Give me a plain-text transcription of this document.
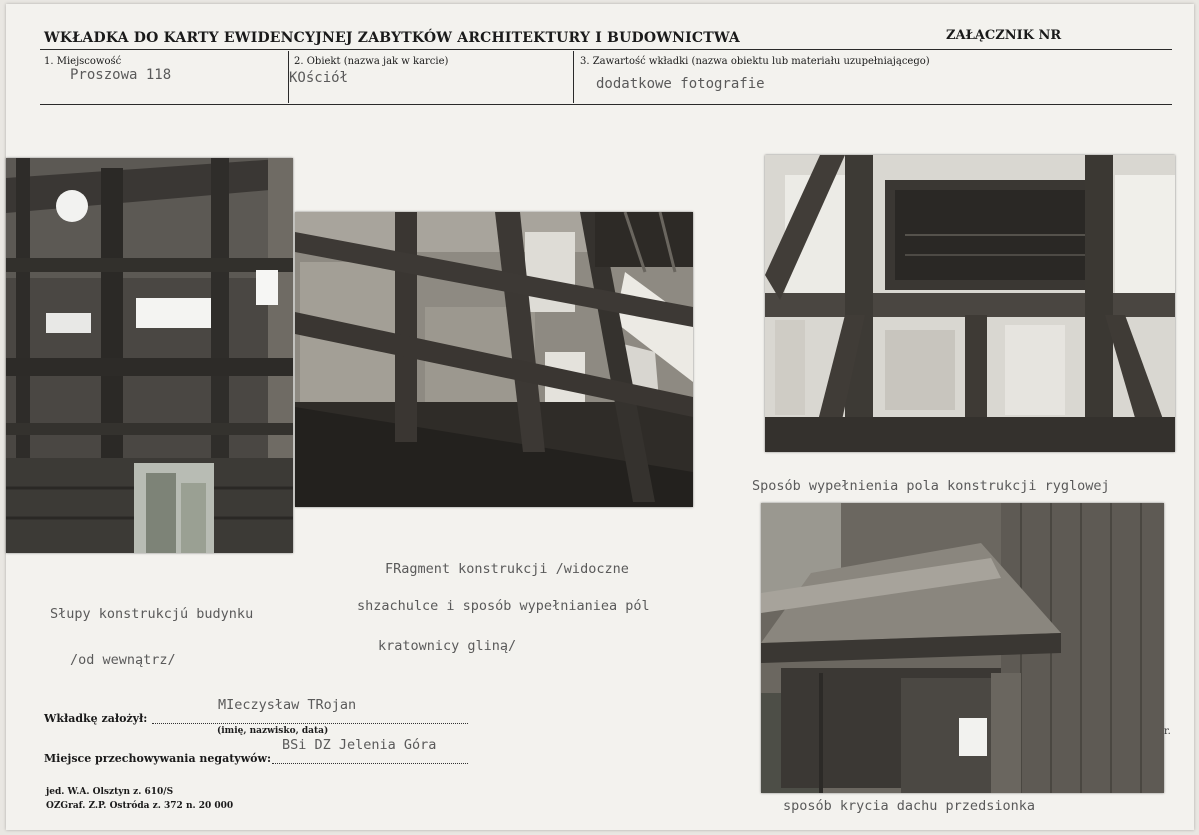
WKŁADKA DO KARTY EWIDENCYJNEJ ZABYTKÓW ARCHITEKTURY I BUDOWNICTWA	ZAŁĄCZNIK NR
1. Miejscowość
Proszowa 118
2. Obiekt (nazwa jak w karcie)
KOściół
3. Zawartość wkładki (nazwa obiektu lub materiału uzupełniającego)
dodatkowe fotografie
Słupy konstrukcjú budynku
/od wewnątrz/
FRagment konstrukcji /widoczne
shzachulce i sposób wypełnianiea pól
kratownicy gliną/
Sposób wypełnienia pola konstrukcji ryglowej
sposób krycia dachu przedsionka
Wkładkę założył:
MIeczysław TRojan
(imię, nazwisko, data)
Miejsce przechowywania negatywów:
BSi DZ Jelenia Góra
jed. W.A. Olsztyn z. 610/S
OZGraf. Z.P. Ostróda z. 372 n. 20 000
r.
